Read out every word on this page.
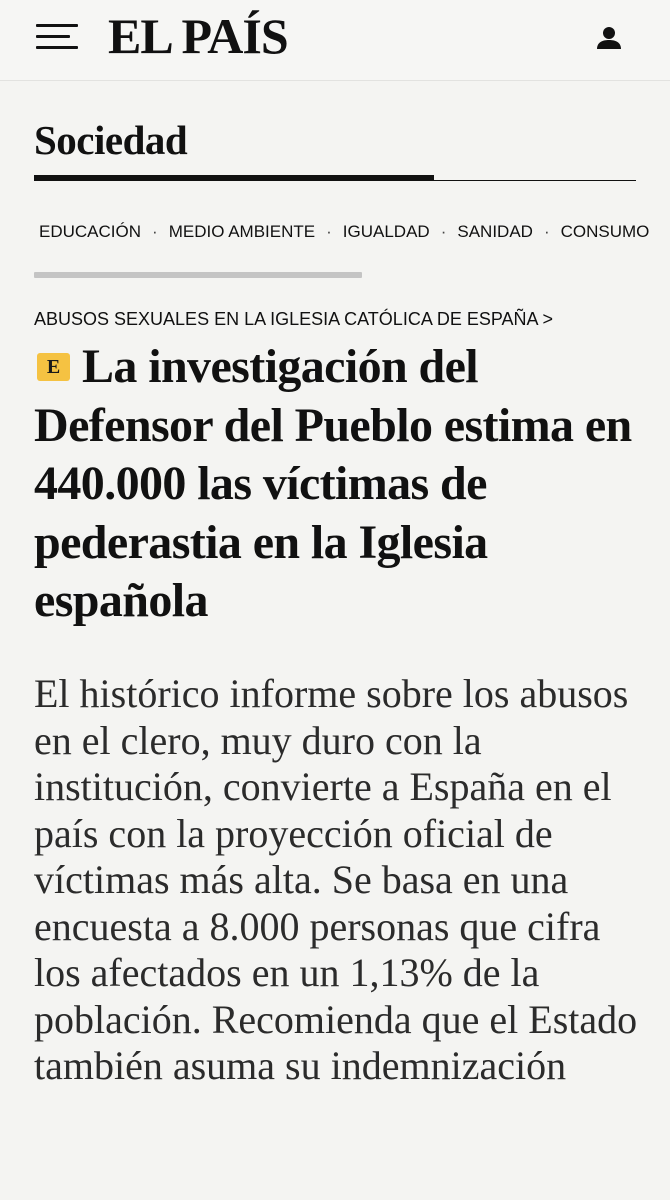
EL PAÍS
Sociedad
EDUCACIÓN · MEDIO AMBIENTE · IGUALDAD · SANIDAD · CONSUMO
ABUSOS SEXUALES EN LA IGLESIA CATÓLICA DE ESPAÑA >
E La investigación del Defensor del Pueblo estima en 440.000 las víctimas de pederastia en la Iglesia española

El histórico informe sobre los abusos en el clero, muy duro con la institución, convierte a España en el país con la proyección oficial de víctimas más alta. Se basa en una encuesta a 8.000 personas que cifra los afectados en un 1,13% de la población. Recomienda que el Estado también asuma su indemnización
